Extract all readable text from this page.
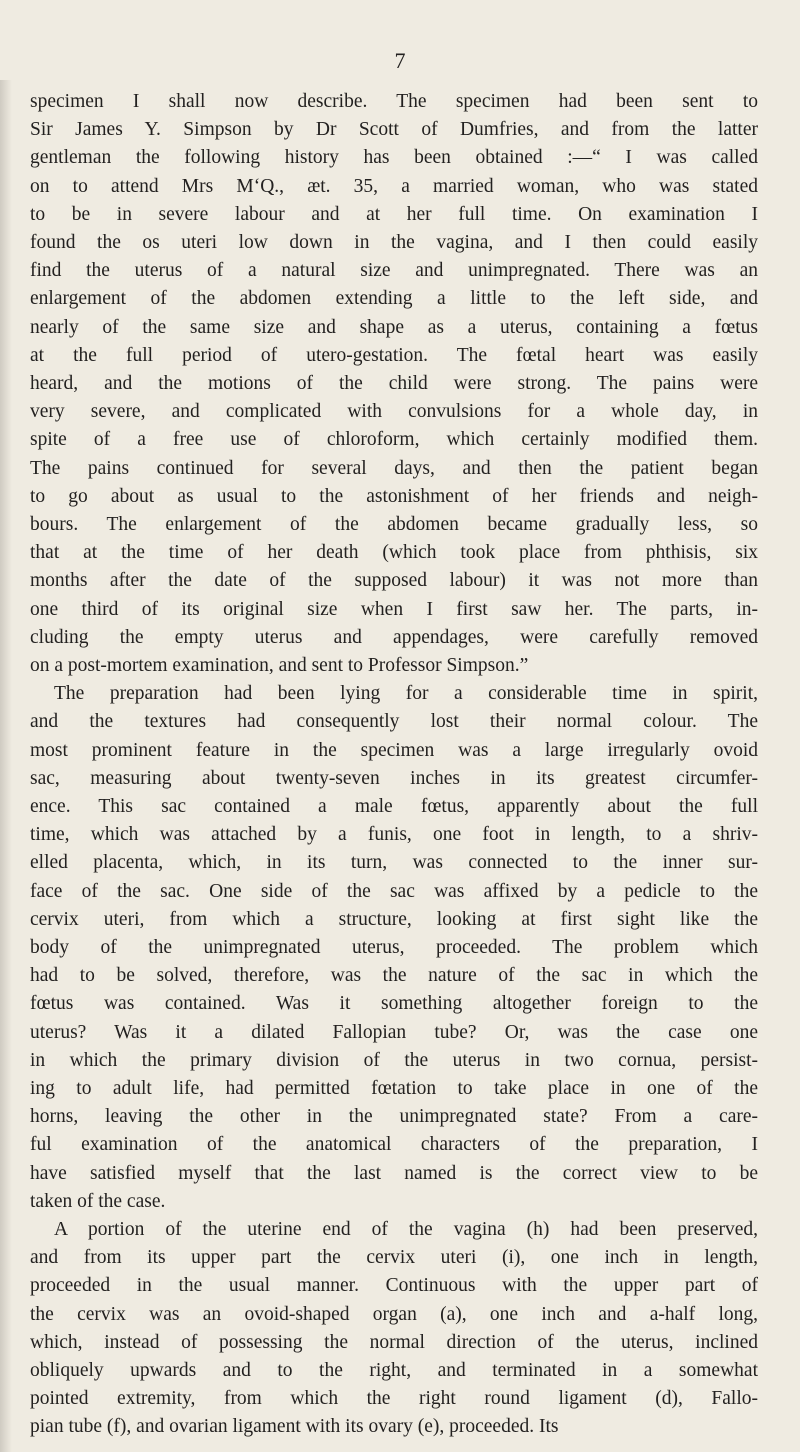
7
specimen I shall now describe. The specimen had been sent to
Sir James Y. Simpson by Dr Scott of Dumfries, and from the latter
gentleman the following history has been obtained :—“ I was called
on to attend Mrs M‘Q., æt. 35, a married woman, who was stated
to be in severe labour and at her full time. On examination I
found the os uteri low down in the vagina, and I then could easily
find the uterus of a natural size and unimpregnated. There was an
enlargement of the abdomen extending a little to the left side, and
nearly of the same size and shape as a uterus, containing a fœtus
at the full period of utero-gestation. The fœtal heart was easily
heard, and the motions of the child were strong. The pains were
very severe, and complicated with convulsions for a whole day, in
spite of a free use of chloroform, which certainly modified them.
The pains continued for several days, and then the patient began
to go about as usual to the astonishment of her friends and neigh-
bours. The enlargement of the abdomen became gradually less, so
that at the time of her death (which took place from phthisis, six
months after the date of the supposed labour) it was not more than
one third of its original size when I first saw her. The parts, in-
cluding the empty uterus and appendages, were carefully removed
on a post-mortem examination, and sent to Professor Simpson.”
The preparation had been lying for a considerable time in spirit,
and the textures had consequently lost their normal colour. The
most prominent feature in the specimen was a large irregularly ovoid
sac, measuring about twenty-seven inches in its greatest circumfer-
ence. This sac contained a male fœtus, apparently about the full
time, which was attached by a funis, one foot in length, to a shriv-
elled placenta, which, in its turn, was connected to the inner sur-
face of the sac. One side of the sac was affixed by a pedicle to the
cervix uteri, from which a structure, looking at first sight like the
body of the unimpregnated uterus, proceeded. The problem which
had to be solved, therefore, was the nature of the sac in which the
fœtus was contained. Was it something altogether foreign to the
uterus? Was it a dilated Fallopian tube? Or, was the case one
in which the primary division of the uterus in two cornua, persist-
ing to adult life, had permitted fœtation to take place in one of the
horns, leaving the other in the unimpregnated state? From a care-
ful examination of the anatomical characters of the preparation, I
have satisfied myself that the last named is the correct view to be
taken of the case.
A portion of the uterine end of the vagina (h) had been preserved,
and from its upper part the cervix uteri (i), one inch in length,
proceeded in the usual manner. Continuous with the upper part of
the cervix was an ovoid-shaped organ (a), one inch and a-half long,
which, instead of possessing the normal direction of the uterus, inclined
obliquely upwards and to the right, and terminated in a somewhat
pointed extremity, from which the right round ligament (d), Fallo-
pian tube (f), and ovarian ligament with its ovary (e), proceeded. Its
